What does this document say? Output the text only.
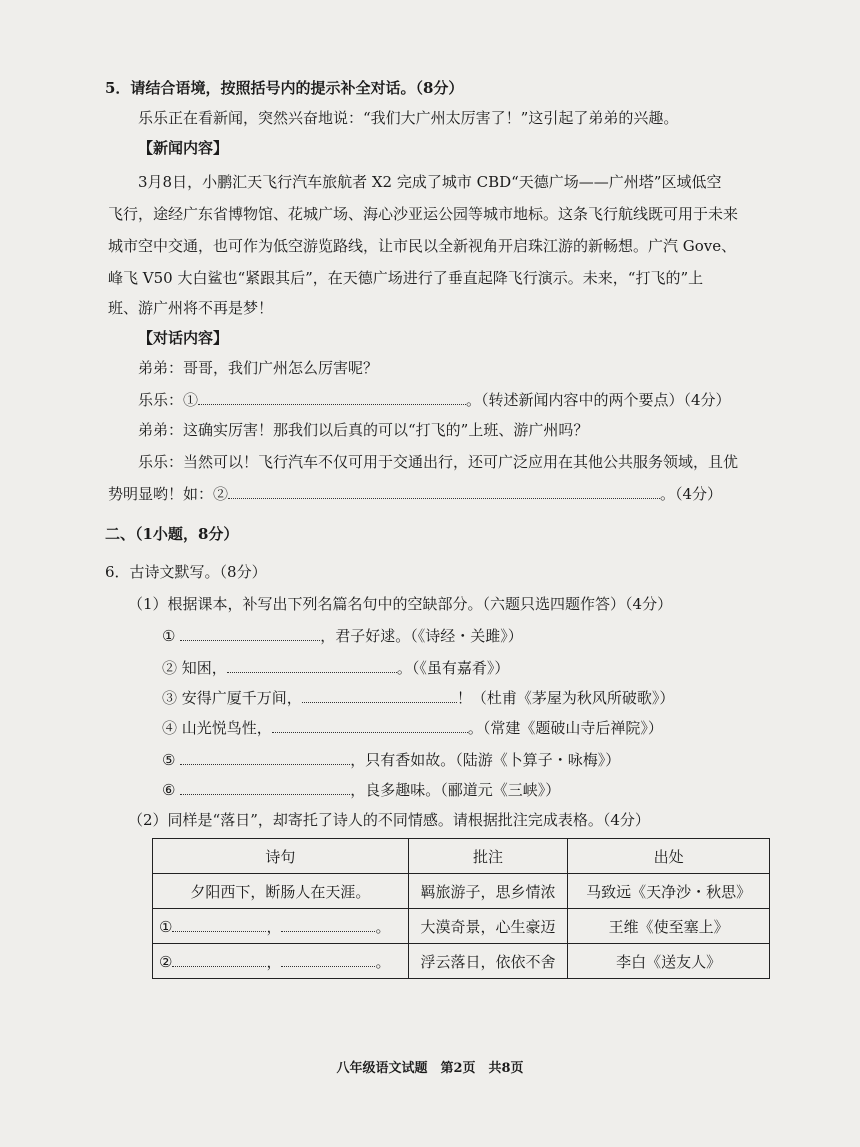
5．请结合语境，按照括号内的提示补全对话。（8分）
乐乐正在看新闻，突然兴奋地说：“我们大广州太厉害了！”这引起了弟弟的兴趣。
【新闻内容】
3月8日，小鹏汇天飞行汽车旅航者 X2 完成了城市 CBD“天德广场——广州塔”区域低空
飞行，途经广东省博物馆、花城广场、海心沙亚运公园等城市地标。这条飞行航线既可用于未来
城市空中交通，也可作为低空游览路线，让市民以全新视角开启珠江游的新畅想。广汽 Gove、
峰飞 V50 大白鲨也“紧跟其后”，在天德广场进行了垂直起降飞行演示。未来，“打飞的”上
班、游广州将不再是梦！
【对话内容】
弟弟：哥哥，我们广州怎么厉害呢？
乐乐：①	。（转述新闻内容中的两个要点）（4分）
弟弟：这确实厉害！那我们以后真的可以“打飞的”上班、游广州吗？
乐乐：当然可以！飞行汽车不仅可用于交通出行，还可广泛应用在其他公共服务领域，且优
势明显哟！如：②	。（4分）
二、（1小题，8分）
6．古诗文默写。（8分）
（1）根据课本，补写出下列名篇名句中的空缺部分。（六题只选四题作答）（4分）
①	，君子好逑。（《诗经・关雎》）
② 知困，	。（《虽有嘉肴》）
③ 安得广厦千万间，	！（杜甫《茅屋为秋风所破歌》）
④ 山光悦鸟性，	。（常建《题破山寺后禅院》）
⑤	，只有香如故。（陆游《卜算子・咏梅》）
⑥	，良多趣味。（郦道元《三峡》）
（2）同样是“落日”，却寄托了诗人的不同情感。请根据批注完成表格。（4分）
诗句	批注	出处
夕阳西下，断肠人在天涯。	羁旅游子，思乡情浓	马致远《天净沙・秋思》
① ， 。	大漠奇景，心生豪迈	王维《使至塞上》
② ， 。	浮云落日，依依不舍	李白《送友人》
八年级语文试题　第2页　共8页
